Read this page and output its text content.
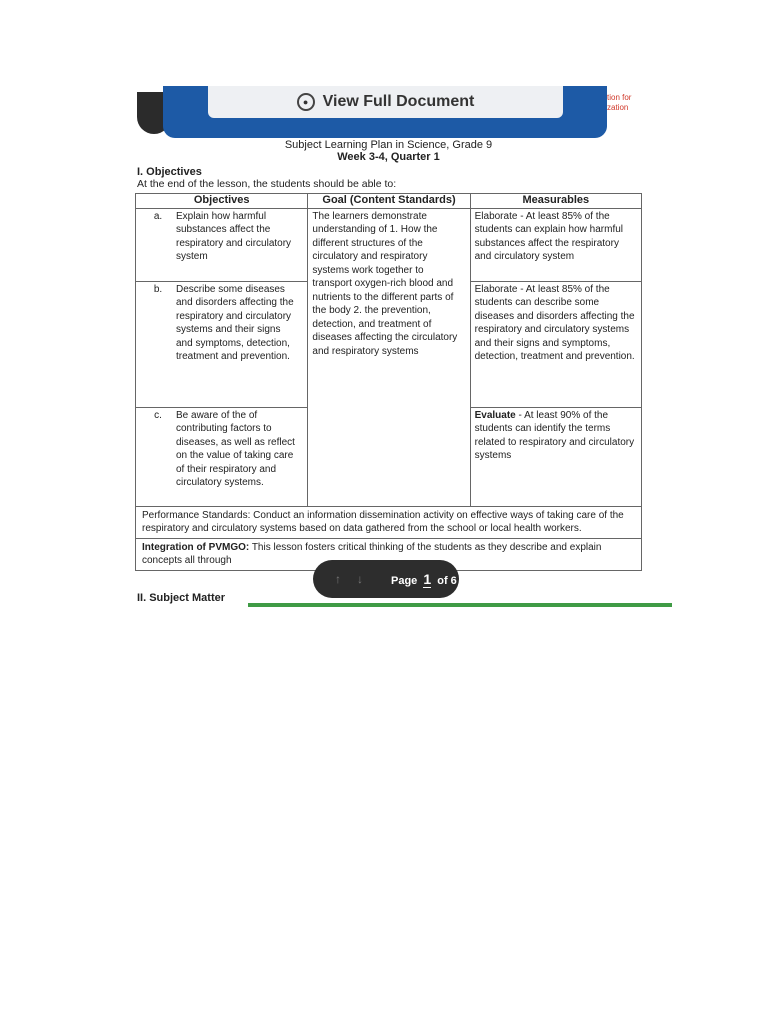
tion for
zation
● View Full Document
Subject Learning Plan in Science, Grade 9
Week 3-4, Quarter 1
I. Objectives
At the end of the lesson, the students should be able to:
Objectives	Goal (Content Standards)	Measurables
a. Explain how harmful substances affect the respiratory and circulatory system	The learners demonstrate understanding of 1. How the different structures of the circulatory and respiratory systems work together to transport oxygen-rich blood and nutrients to the different parts of the body 2. the prevention, detection, and treatment of diseases affecting the circulatory and respiratory systems	Elaborate - At least 85% of the students can explain how harmful substances affect the respiratory and circulatory system
b. Describe some diseases and disorders affecting the respiratory and circulatory systems and their signs and symptoms, detection, treatment and prevention.		Elaborate - At least 85% of the students can describe some diseases and disorders affecting the respiratory and circulatory systems and their signs and symptoms, detection, treatment and prevention.
c. Be aware of the of contributing factors to diseases, as well as reflect on the value of taking care of their respiratory and circulatory systems.		Evaluate - At least 90% of the students can identify the terms related to respiratory and circulatory systems
Performance Standards: Conduct an information dissemination activity on effective ways of taking care of the respiratory and circulatory systems based on data gathered from the school or local health workers.		
Integration of PVMGO: This lesson fosters critical thinking of the students as they describe and explain concepts all through		
↑	↓	Page 1 of 6
II. Subject Matter
